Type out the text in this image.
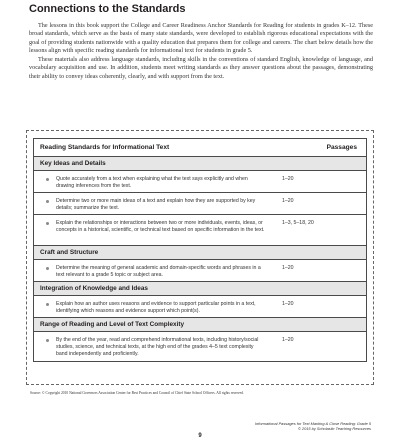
Connections to the Standards

The lessons in this book support the College and Career Readiness Anchor Standards for Reading for students in grades K–12. These broad standards, which serve as the basis of many state standards, were developed to establish rigorous educational expectations with the goal of providing students nationwide with a quality education that prepares them for college and careers. The chart below details how the lessons align with specific reading standards for informational text for students in grade 5.

These materials also address language standards, including skills in the conventions of standard English, knowledge of language, and vocabulary acquisition and use. In addition, students meet writing standards as they answer questions about the passages, demonstrating their ability to convey ideas coherently, clearly, and with support from the text.

Reading Standards for Informational Text	Passages
Key Ideas and Details
Quote accurately from a text when explaining what the text says explicitly and when drawing inferences from the text.
1–20
Determine two or more main ideas of a text and explain how they are supported by key details; summarize the text.
1–20
Explain the relationships or interactions between two or more individuals, events, ideas, or concepts in a historical, scientific, or technical text based on specific information in the text.
1–3, 5–18, 20
Craft and Structure
Determine the meaning of general academic and domain-specific words and phrases in a text relevant to a grade 5 topic or subject area.
1–20
Integration of Knowledge and Ideas
Explain how an author uses reasons and evidence to support particular points in a text, identifying which reasons and evidence support which point(s).
1–20
Range of Reading and Level of Text Complexity
By the end of the year, read and comprehend informational texts, including history/social studies, science, and technical texts, at the high end of the grades 4–5 text complexity band independently and proficiently.
1–20
Source: © Copyright 2010 National Governors Association Center for Best Practices and Council of Chief State School Officers. All rights reserved.
Informational Passages for Text Marking & Close Reading: Grade 5
© 2015 by Scholastic Teaching Resources
9
